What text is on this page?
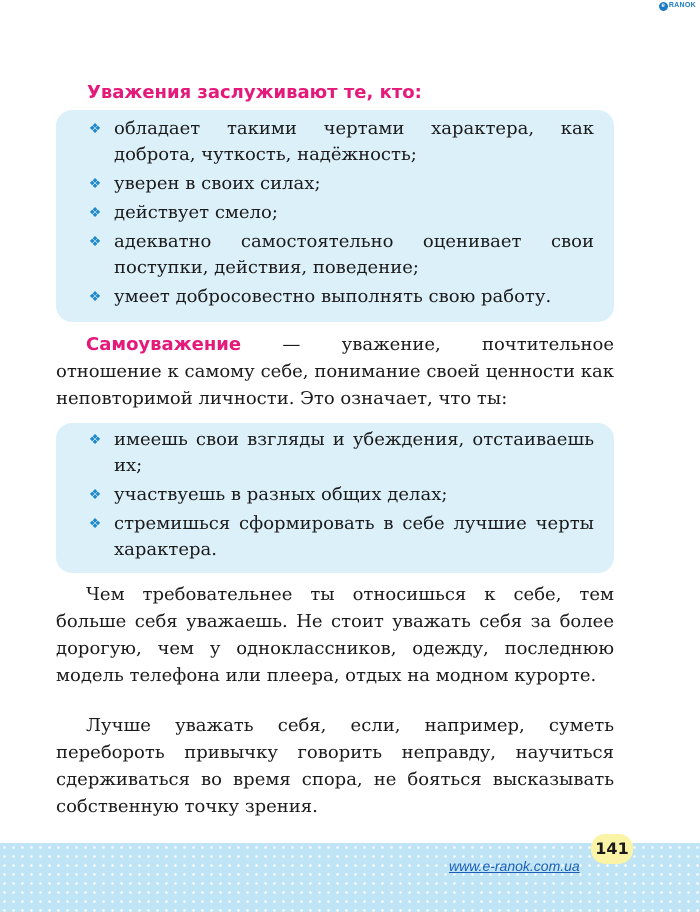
e RANOK
Уважения заслуживают те, кто:
❖ обладает такими чертами характера, как доброта, чуткость, надёжность;
❖ уверен в своих силах;
❖ действует смело;
❖ адекватно самостоятельно оценивает свои поступки, действия, поведение;
❖ умеет добросовестно выполнять свою работу.

Самоуважение — уважение, почтительное отношение к самому себе, понимание своей ценности как неповторимой личности. Это означает, что ты:

❖ имеешь свои взгляды и убеждения, отстаиваешь их;
❖ участвуешь в разных общих делах;
❖ стремишься сформировать в себе лучшие черты характера.

Чем требовательнее ты относишься к себе, тем больше себя уважаешь. Не стоит уважать себя за более дорогую, чем у одноклассников, одежду, последнюю модель телефона или плеера, отдых на модном курорте.

Лучше уважать себя, если, например, суметь перебороть привычку говорить неправду, научиться сдерживаться во время спора, не бояться высказывать собственную точку зрения.

141
www.e-ranok.com.ua
